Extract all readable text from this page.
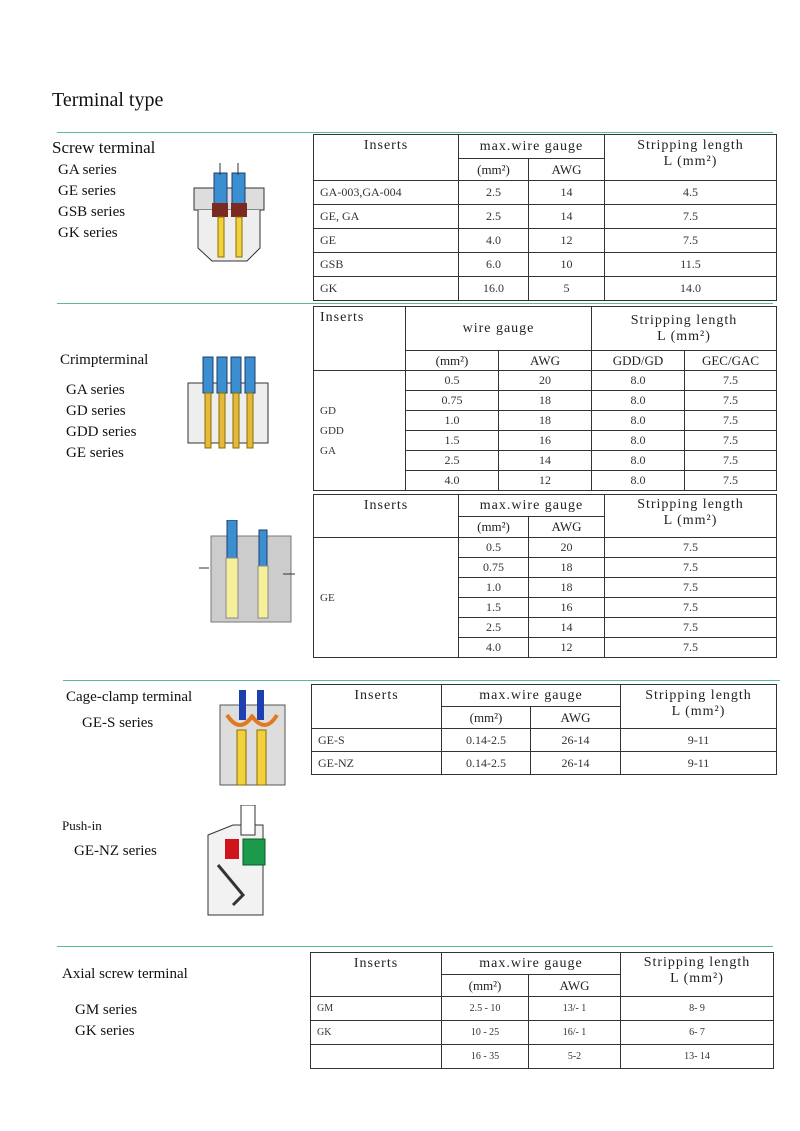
Terminal type
Screw terminal
GA series
GE series
GSB series
GK series
Inserts	max.wire gauge		Stripping length
L (mm²)
	(mm²)	AWG	
GA-003,GA-004	2.5	14	4.5
GE, GA	2.5	14	7.5
GE	4.0	12	7.5
GSB	6.0	10	11.5
GK	16.0	5	14.0
Crimpterminal
GA series
GD series
GDD series
GE series
Inserts	wire gauge		Stripping length
L (mm²)	
	(mm²)	AWG	GDD/GD	GEC/GAC

GD
GDD
GA	0.5	20	8.0	7.5
	0.75	18	8.0	7.5
	1.0	18	8.0	7.5
	1.5	16	8.0	7.5
	2.5	14	8.0	7.5
	4.0	12	8.0	7.5
Inserts	max.wire gauge		Stripping length
L (mm²)
	(mm²)	AWG	

GE	0.5	20	7.5
	0.75	18	7.5
	1.0	18	7.5
	1.5	16	7.5
	2.5	14	7.5
	4.0	12	7.5
Cage-clamp terminal
GE-S series
Inserts	max.wire gauge		Stripping length
L (mm²)
	(mm²)	AWG	
GE-S	0.14-2.5	26-14	9-11
GE-NZ	0.14-2.5	26-14	9-11
Push-in
GE-NZ series
Axial screw terminal
GM series
GK series
Inserts	max.wire gauge		Stripping length
L (mm²)
	(mm²)	AWG	
GM	2.5 - 10	13/- 1	8- 9
GK	10 - 25	16/- 1	6- 7
	16 - 35	5-2	13- 14
